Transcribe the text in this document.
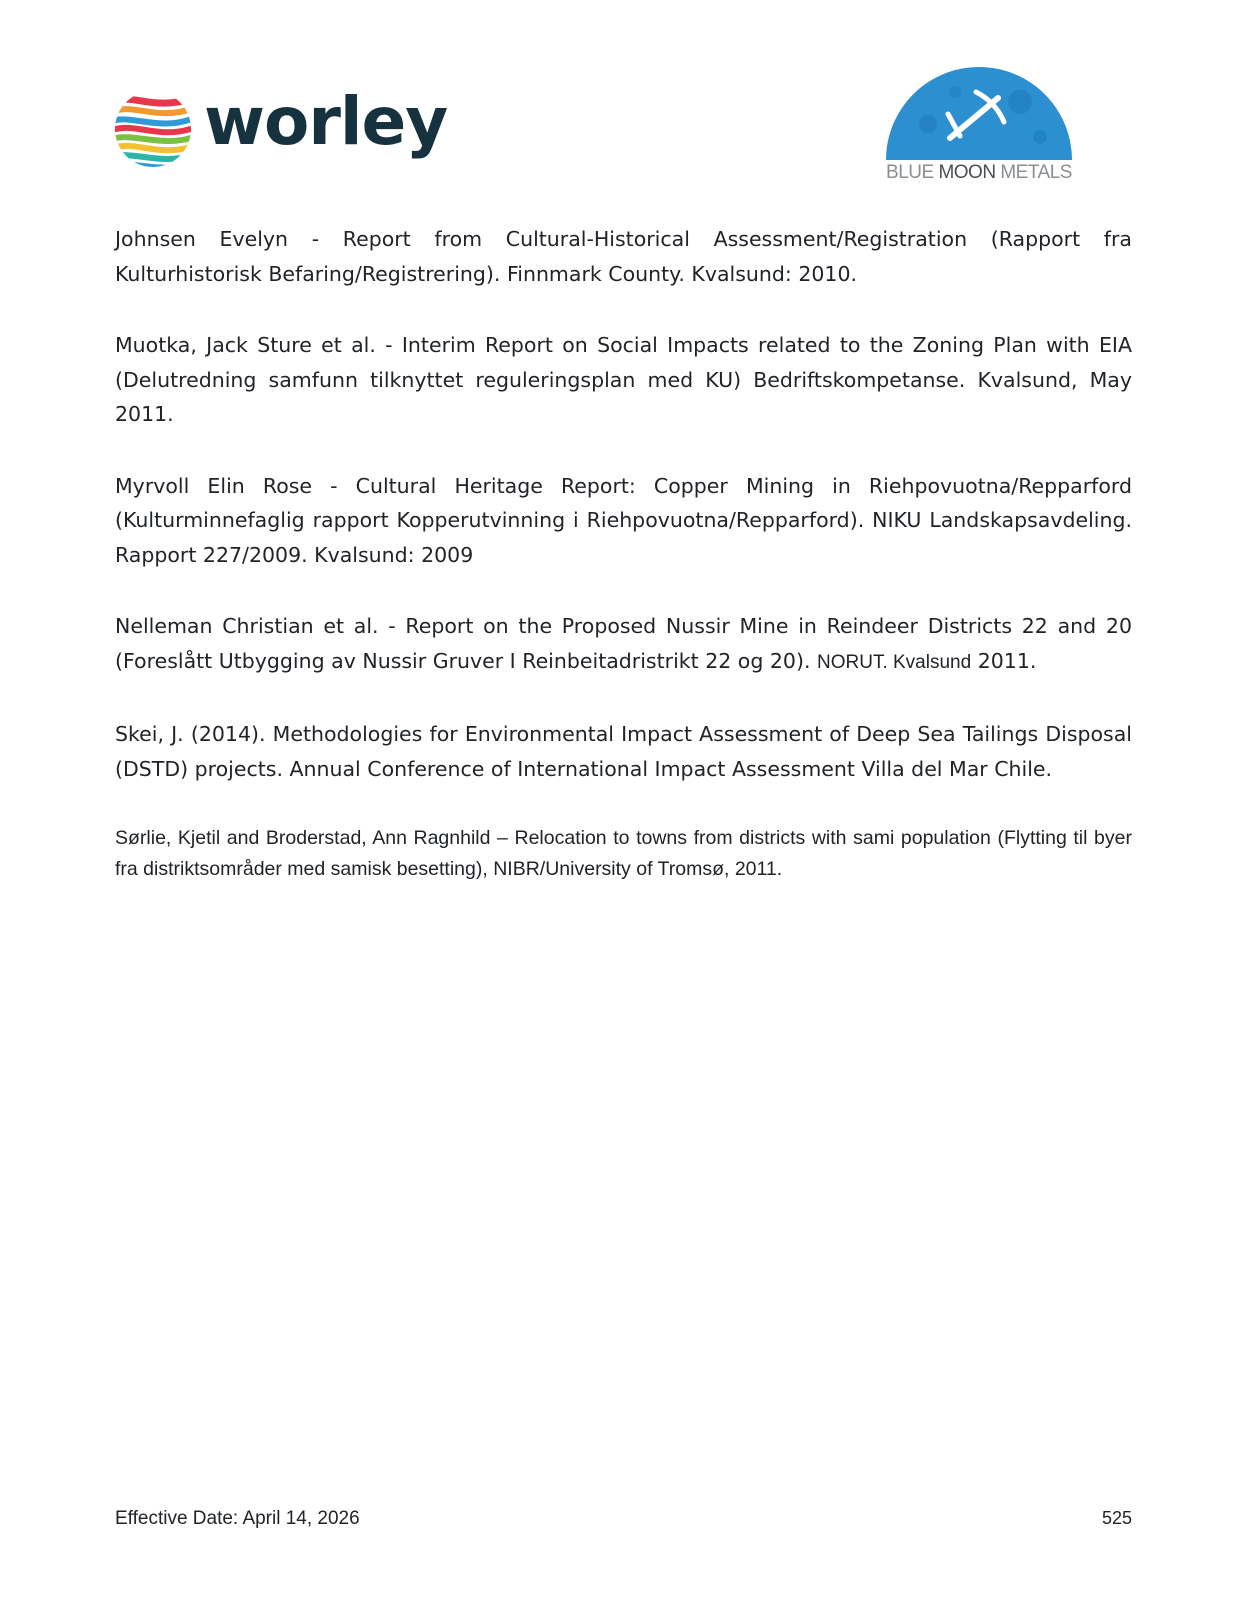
worley
BLUE MOON METALS

Johnsen Evelyn - Report from Cultural-Historical Assessment/Registration (Rapport fra Kulturhistorisk Befaring/Registrering). Finnmark County. Kvalsund: 2010.

Muotka, Jack Sture et al. - Interim Report on Social Impacts related to the Zoning Plan with EIA (Delutredning samfunn tilknyttet reguleringsplan med KU) Bedriftskompetanse. Kvalsund, May 2011.

Myrvoll Elin Rose - Cultural Heritage Report: Copper Mining in Riehpovuotna/Repparford (Kulturminnefaglig rapport Kopperutvinning i Riehpovuotna/Repparford). NIKU Landskapsavdeling. Rapport 227/2009. Kvalsund: 2009

Nelleman Christian et al. - Report on the Proposed Nussir Mine in Reindeer Districts 22 and 20 (Foreslått Utbygging av Nussir Gruver I Reinbeitadristrikt 22 og 20). NORUT. Kvalsund 2011.

Skei, J. (2014). Methodologies for Environmental Impact Assessment of Deep Sea Tailings Disposal (DSTD) projects. Annual Conference of International Impact Assessment Villa del Mar Chile.

Sørlie, Kjetil and Broderstad, Ann Ragnhild – Relocation to towns from districts with sami population (Flytting til byer fra distriktsområder med samisk besetting), NIBR/University of Tromsø, 2011.

Effective Date: April 14, 2026	525
